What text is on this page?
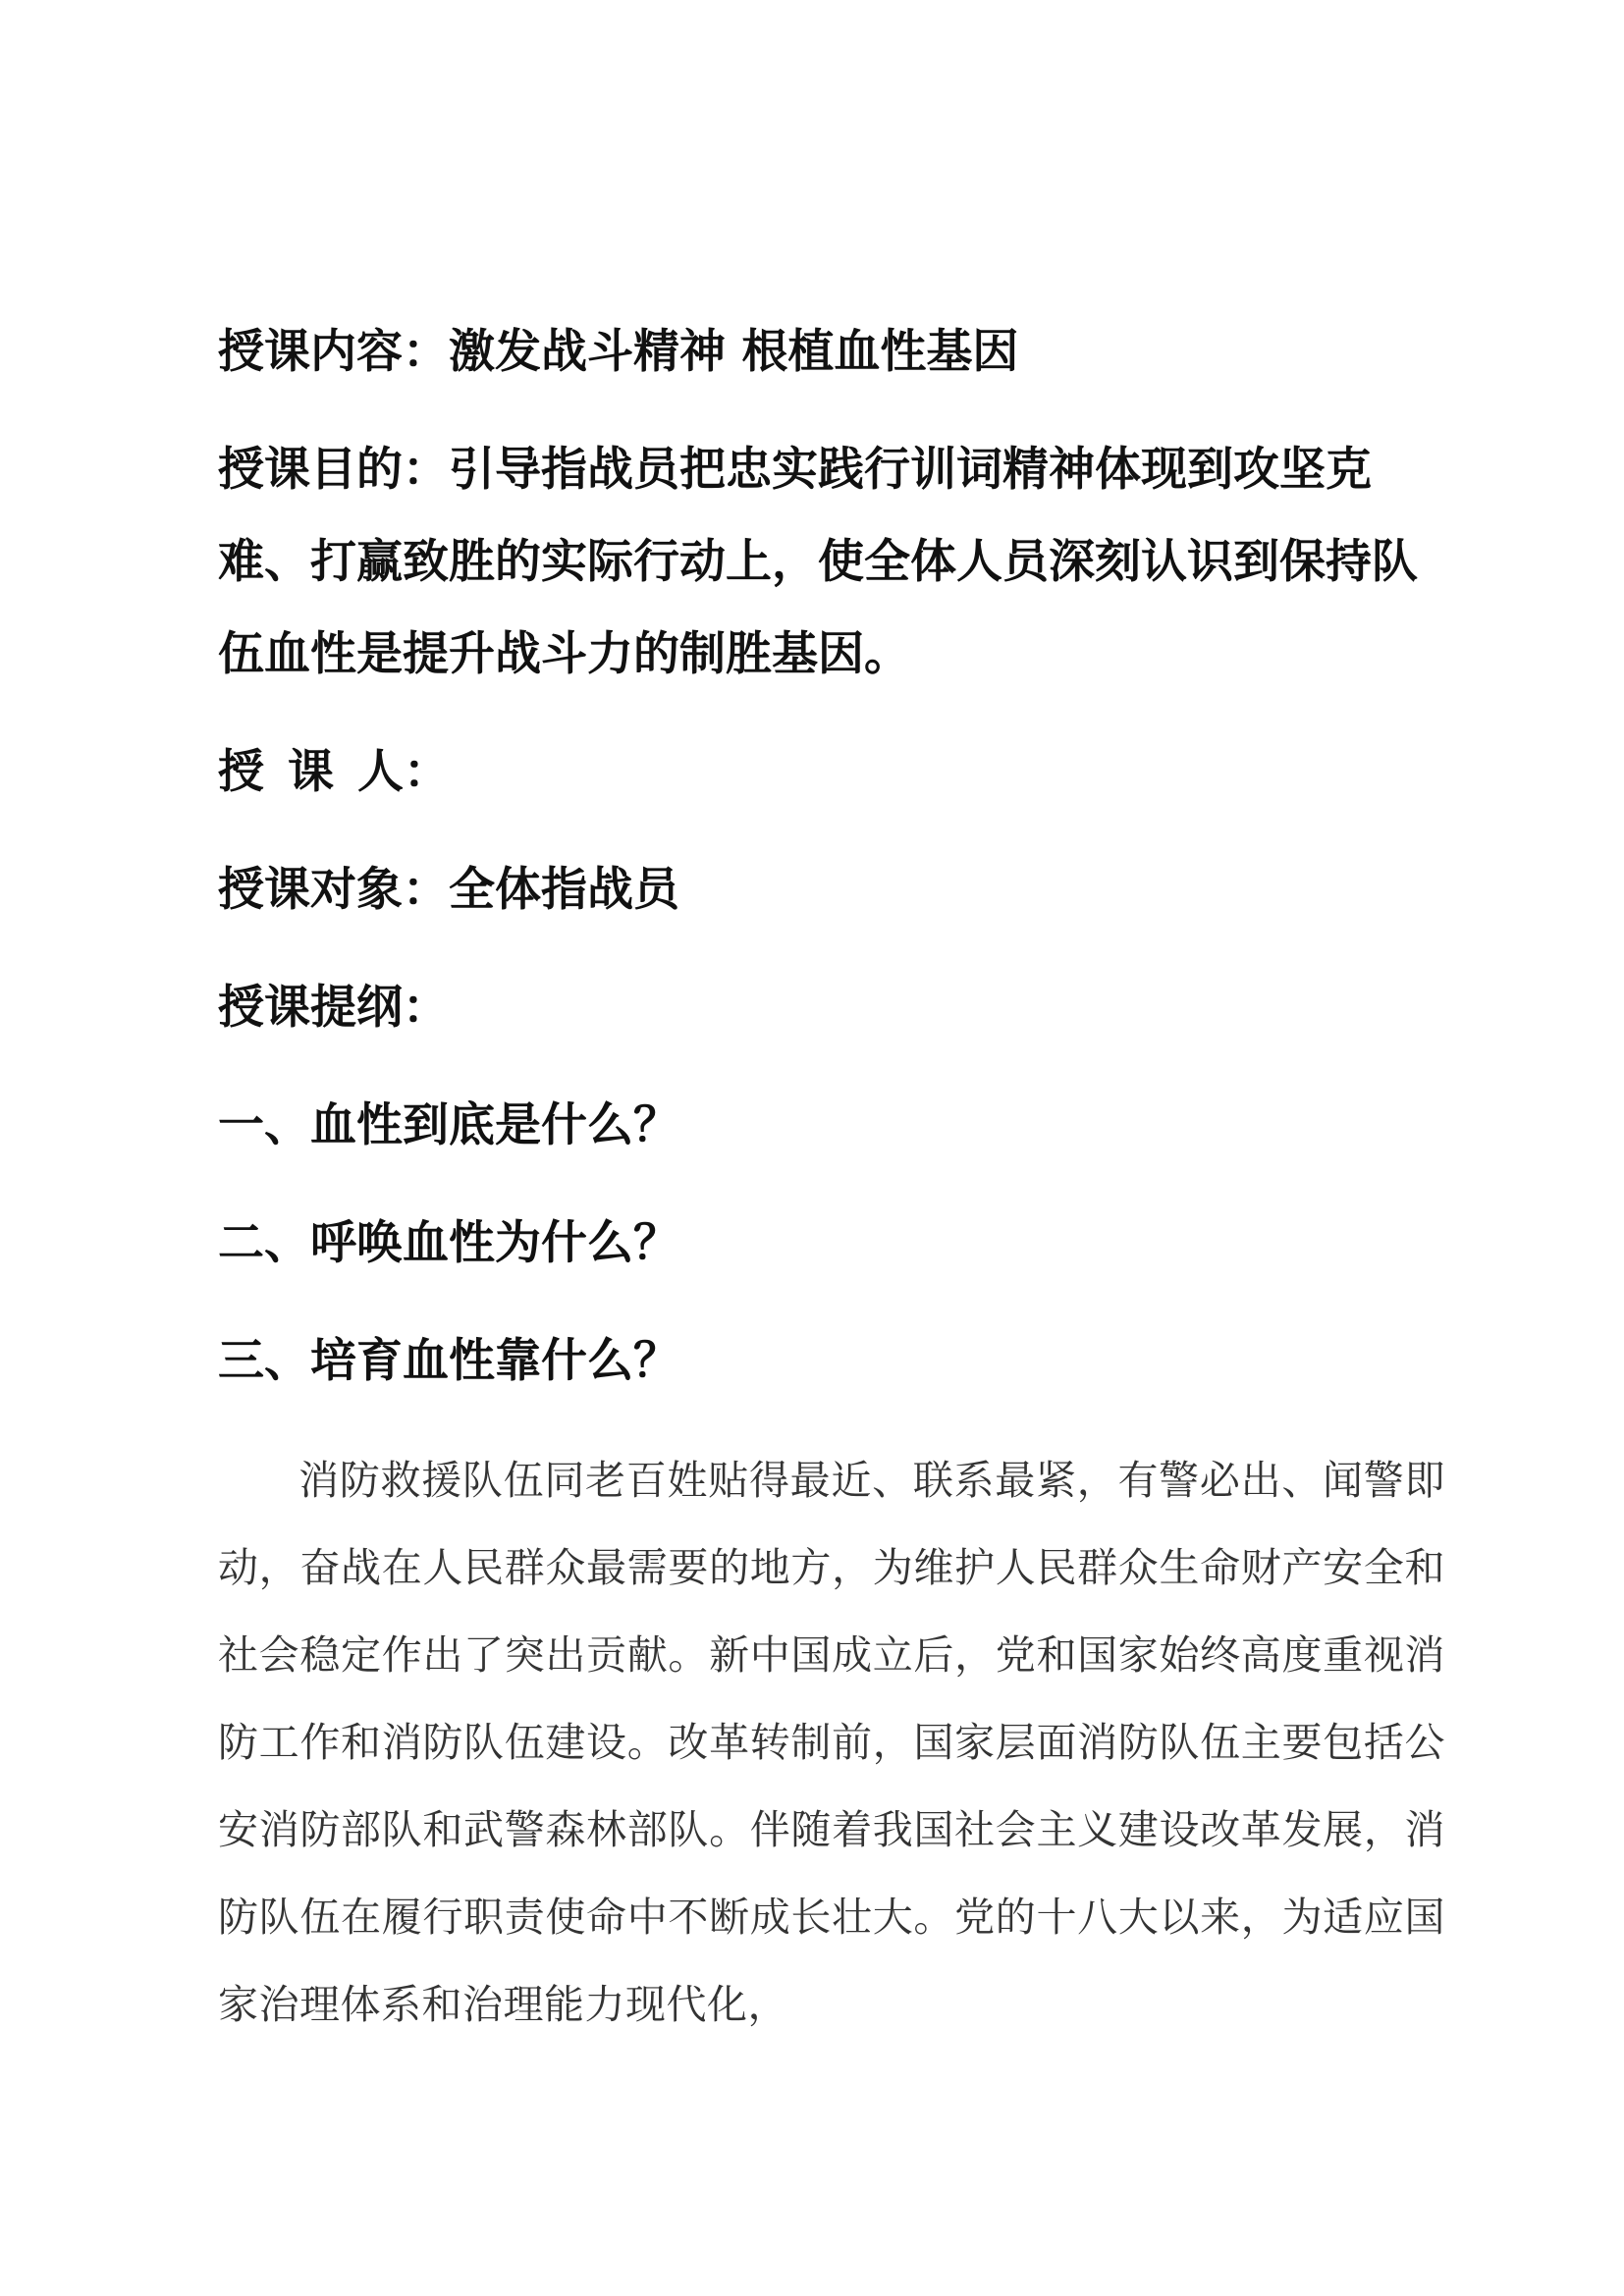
授课内容：激发战斗精神 根植血性基因
授课目的：引导指战员把忠实践行训词精神体现到攻坚克难、打赢致胜的实际行动上，使全体人员深刻认识到保持队伍血性是提升战斗力的制胜基因。
授 课 人：
授课对象：全体指战员
授课提纲：
一、血性到底是什么？
二、呼唤血性为什么？
三、培育血性靠什么？

消防救援队伍同老百姓贴得最近、联系最紧，有警必出、闻警即动，奋战在人民群众最需要的地方，为维护人民群众生命财产安全和社会稳定作出了突出贡献。新中国成立后，党和国家始终高度重视消防工作和消防队伍建设。改革转制前，国家层面消防队伍主要包括公安消防部队和武警森林部队。伴随着我国社会主义建设改革发展，消防队伍在履行职责使命中不断成长壮大。党的十八大以来，为适应国家治理体系和治理能力现代化，
